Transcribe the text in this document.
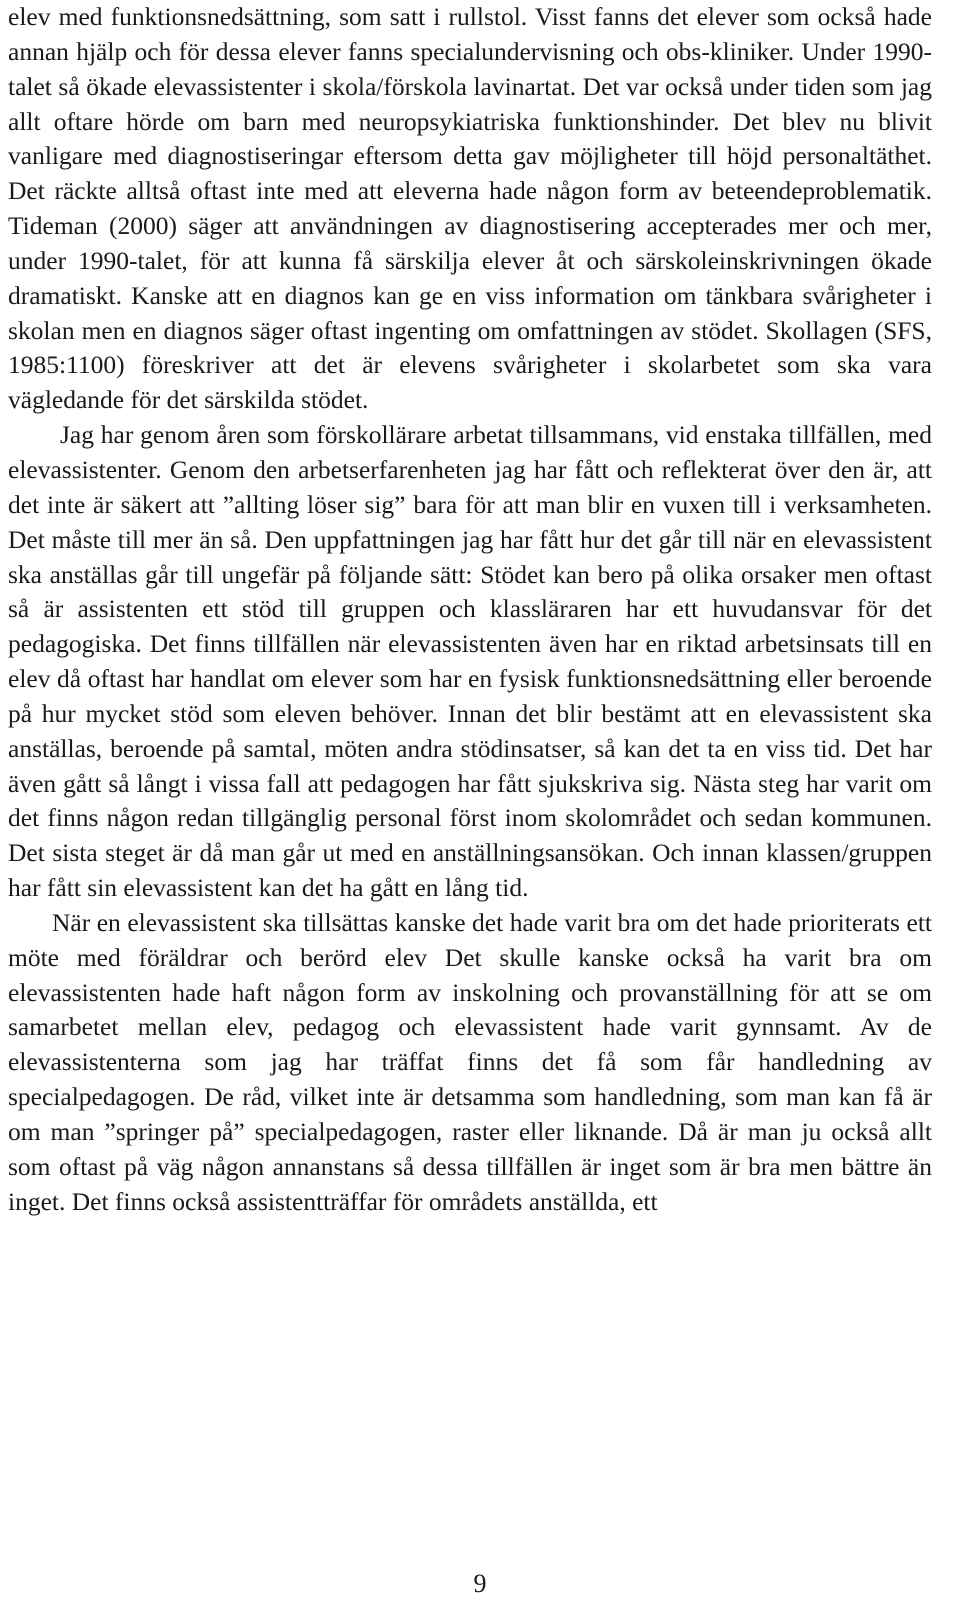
elev med funktionsnedsättning, som satt i rullstol. Visst fanns det elever som också hade annan hjälp och för dessa elever fanns specialundervisning och obs-kliniker. Under 1990-talet så ökade elevassistenter i skola/förskola lavinartat. Det var också under tiden som jag allt oftare hörde om barn med neuropsykiatriska funktionshinder. Det blev nu blivit vanligare med diagnostiseringar eftersom detta gav möjligheter till höjd personaltäthet. Det räckte alltså oftast inte med att eleverna hade någon form av beteendeproblematik. Tideman (2000) säger att användningen av diagnostisering accepterades mer och mer, under 1990-talet, för att kunna få särskilja elever åt och särskoleinskrivningen ökade dramatiskt. Kanske att en diagnos kan ge en viss information om tänkbara svårigheter i skolan men en diagnos säger oftast ingenting om omfattningen av stödet. Skollagen (SFS, 1985:1100) föreskriver att det är elevens svårigheter i skolarbetet som ska vara vägledande för det särskilda stödet.

Jag har genom åren som förskollärare arbetat tillsammans, vid enstaka tillfällen, med elevassistenter. Genom den arbetserfarenheten jag har fått och reflekterat över den är, att det inte är säkert att ”allting löser sig” bara för att man blir en vuxen till i verksamheten. Det måste till mer än så. Den uppfattningen jag har fått hur det går till när en elevassistent ska anställas går till ungefär på följande sätt: Stödet kan bero på olika orsaker men oftast så är assistenten ett stöd till gruppen och klassläraren har ett huvudansvar för det pedagogiska. Det finns tillfällen när elevassistenten även har en riktad arbetsinsats till en elev då oftast har handlat om elever som har en fysisk funktionsnedsättning eller beroende på hur mycket stöd som eleven behöver. Innan det blir bestämt att en elevassistent ska anställas, beroende på samtal, möten andra stödinsatser, så kan det ta en viss tid. Det har även gått så långt i vissa fall att pedagogen har fått sjukskriva sig. Nästa steg har varit om det finns någon redan tillgänglig personal först inom skolområdet och sedan kommunen. Det sista steget är då man går ut med en anställningsansökan. Och innan klassen/gruppen har fått sin elevassistent kan det ha gått en lång tid.

När en elevassistent ska tillsättas kanske det hade varit bra om det hade prioriterats ett möte med föräldrar och berörd elev Det skulle kanske också ha varit bra om elevassistenten hade haft någon form av inskolning och provanställning för att se om samarbetet mellan elev, pedagog och elevassistent hade varit gynnsamt. Av de elevassistenterna som jag har träffat finns det få som får handledning av specialpedagogen. De råd, vilket inte är detsamma som handledning, som man kan få är om man ”springer på” specialpedagogen, raster eller liknande. Då är man ju också allt som oftast på väg någon annanstans så dessa tillfällen är inget som är bra men bättre än inget. Det finns också assistentträffar för områdets anställda, ett

9
